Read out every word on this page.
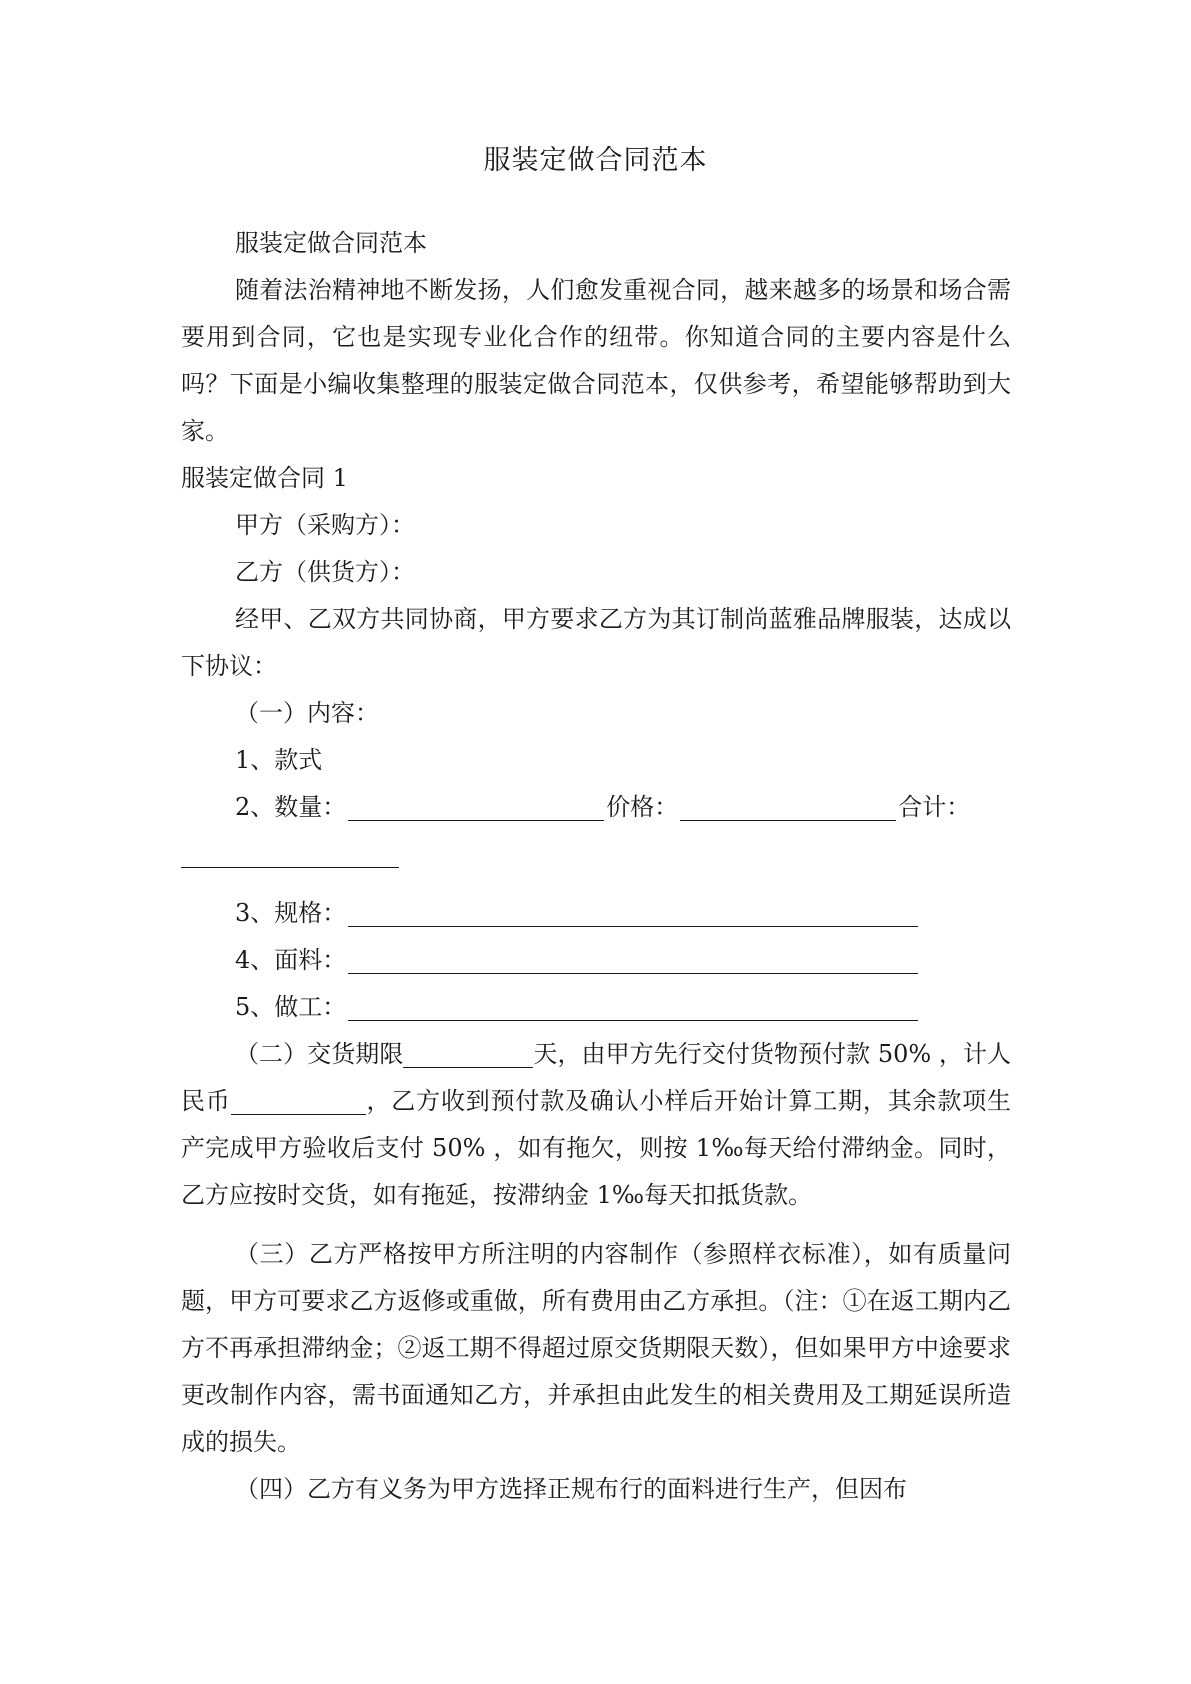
服装定做合同范本

服装定做合同范本

随着法治精神地不断发扬，人们愈发重视合同，越来越多的场景和场合需要用到合同，它也是实现专业化合作的纽带。你知道合同的主要内容是什么吗？下面是小编收集整理的服装定做合同范本，仅供参考，希望能够帮助到大家。

服装定做合同 1

甲方（采购方）：

乙方（供货方）：

经甲、乙双方共同协商，甲方要求乙方为其订制尚蓝雅品牌服装，达成以下协议：

（一）内容：

1、款式

2、数量：	价格：	合计：

3、规格：

4、面料：

5、做工：

（二）交货期限	天，由甲方先行交付货物预付款 50% ，计人民币	，乙方收到预付款及确认小样后开始计算工期，其余款项生产完成甲方验收后支付 50% ，如有拖欠，则按 1‰每天给付滞纳金。同时，乙方应按时交货，如有拖延，按滞纳金 1‰每天扣抵货款。

（三）乙方严格按甲方所注明的内容制作（参照样衣标准），如有质量问题，甲方可要求乙方返修或重做，所有费用由乙方承担。（注：①在返工期内乙方不再承担滞纳金；②返工期不得超过原交货期限天数），但如果甲方中途要求更改制作内容，需书面通知乙方，并承担由此发生的相关费用及工期延误所造成的损失。

（四）乙方有义务为甲方选择正规布行的面料进行生产，但因布
